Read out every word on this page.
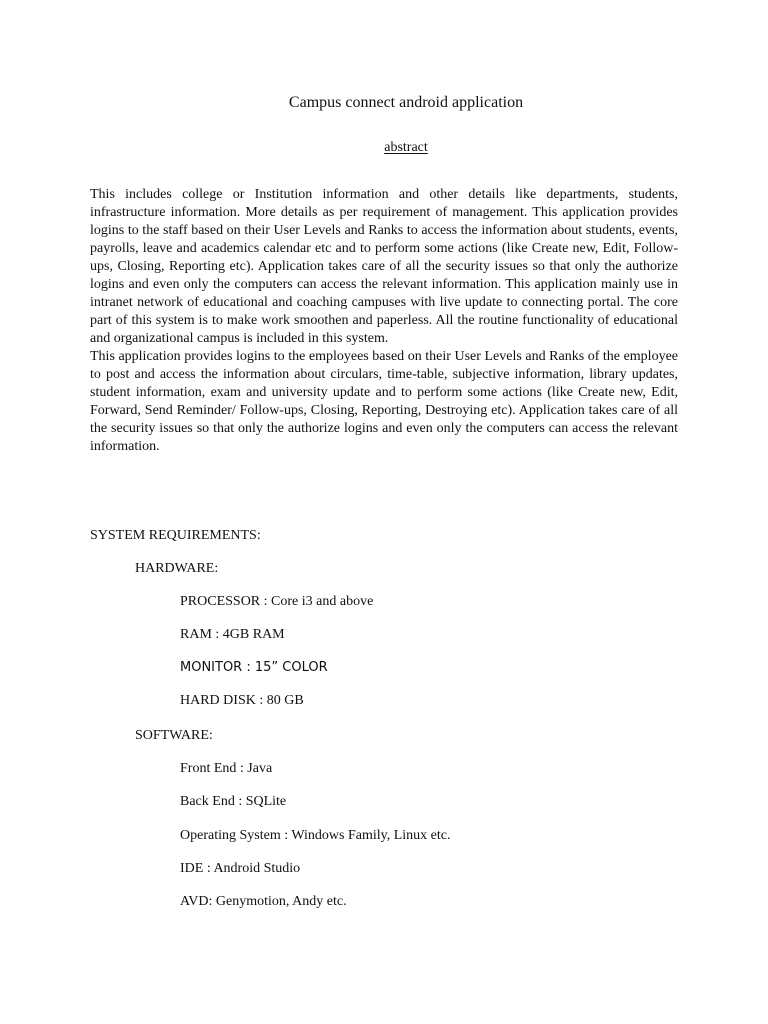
Campus connect android application
abstract

This includes college or Institution information and other details like departments, students, infrastructure information. More details as per requirement of management. This application provides logins to the staff based on their User Levels and Ranks to access the information about students, events, payrolls, leave and academics calendar etc and to perform some actions (like Create new, Edit, Follow-ups, Closing, Reporting etc). Application takes care of all the security issues so that only the authorize logins and even only the computers can access the relevant information. This application mainly use in intranet network of educational and coaching campuses with live update to connecting portal. The core part of this system is to make work smoothen and paperless. All the routine functionality of educational and organizational campus is included in this system.

This application provides logins to the employees based on their User Levels and Ranks of the employee to post and access the information about circulars, time-table, subjective information, library updates, student information, exam and university update and to perform some actions (like Create new, Edit, Forward, Send Reminder/ Follow-ups, Closing, Reporting, Destroying etc). Application takes care of all the security issues so that only the authorize logins and even only the computers can access the relevant information.

SYSTEM REQUIREMENTS:
HARDWARE:
PROCESSOR : Core i3 and above
RAM : 4GB RAM
MONITOR : 15” COLOR
HARD DISK : 80 GB
SOFTWARE:
Front End : Java
Back End : SQLite
Operating System : Windows Family, Linux etc.
IDE : Android Studio
AVD: Genymotion, Andy etc.
